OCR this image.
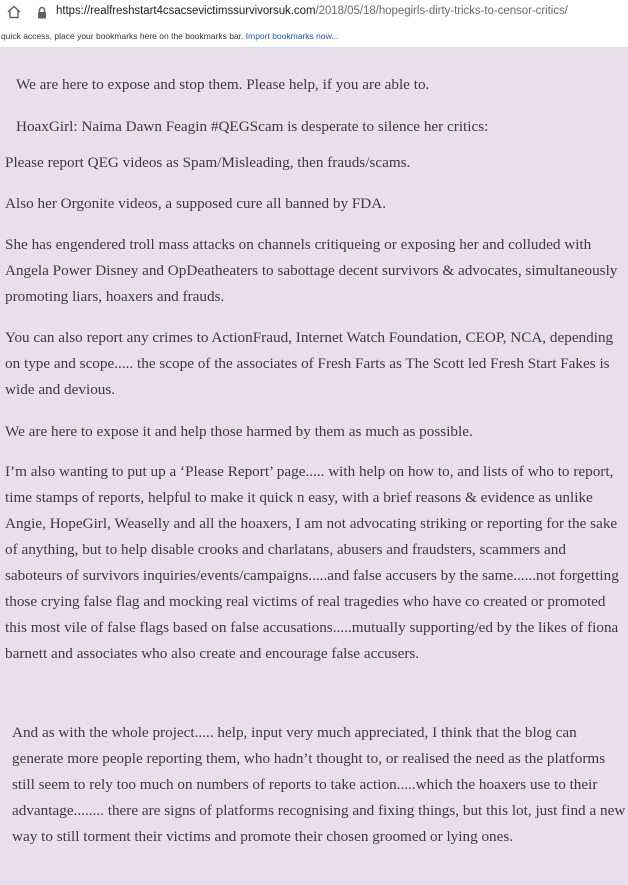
https://realfreshstart4csacsevictimssurvivorsuk.com/2018/05/18/hopegirls-dirty-tricks-to-censor-critics/
quick access, place your bookmarks here on the bookmarks bar. Import bookmarks now...

We are here to expose and stop them. Please help, if you are able to.

HoaxGirl: Naima Dawn Feagin #QEGScam is desperate to silence her critics:

Please report QEG videos as Spam/Misleading, then frauds/scams.

Also her Orgonite videos, a supposed cure all banned by FDA.

She has engendered troll mass attacks on channels critiqueing or exposing her and colluded with Angela Power Disney and OpDeatheaters to sabottage decent survivors & advocates, simultaneously promoting liars, hoaxers and frauds.

You can also report any crimes to ActionFraud, Internet Watch Foundation, CEOP, NCA, depending on type and scope..... the scope of the associates of Fresh Farts as The Scott led Fresh Start Fakes is wide and devious.

We are here to expose it and help those harmed by them as much as possible.

I’m also wanting to put up a ‘Please Report’ page..... with help on how to, and lists of who to report, time stamps of reports, helpful to make it quick n easy, with a brief reasons & evidence as unlike Angie, HopeGirl, Weaselly and all the hoaxers, I am not advocating striking or reporting for the sake of anything, but to help disable crooks and charlatans, abusers and fraudsters, scammers and saboteurs of survivors inquiries/events/campaigns.....and false accusers by the same......not forgetting those crying false flag and mocking real victims of real tragedies who have co created or promoted this most vile of false flags based on false accusations.....mutually supporting/ed by the likes of fiona barnett and associates who also create and encourage false accusers.

And as with the whole project..... help, input very much appreciated, I think that the blog can generate more people reporting them, who hadn’t thought to, or realised the need as the platforms still seem to rely too much on numbers of reports to take action.....which the hoaxers use to their advantage........ there are signs of platforms recognising and fixing things, but this lot, just find a new way to still torment their victims and promote their chosen groomed or lying ones.
